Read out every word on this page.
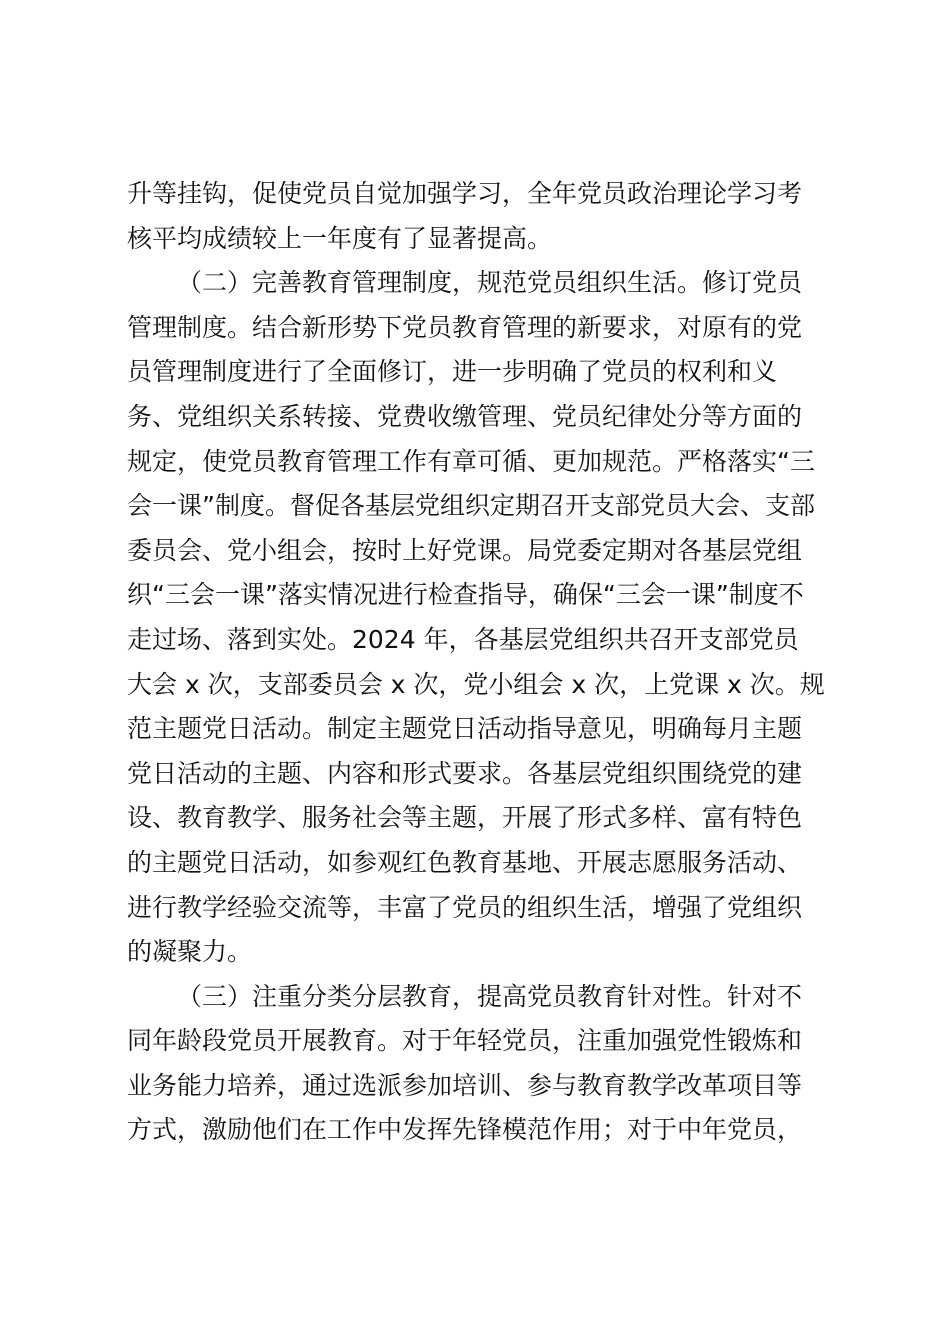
升等挂钩，促使党员自觉加强学习，全年党员政治理论学习考
核平均成绩较上一年度有了显著提高。
（二）完善教育管理制度，规范党员组织生活。修订党员
管理制度。结合新形势下党员教育管理的新要求，对原有的党
员管理制度进行了全面修订，进一步明确了党员的权利和义
务、党组织关系转接、党费收缴管理、党员纪律处分等方面的
规定，使党员教育管理工作有章可循、更加规范。严格落实“三
会一课”制度。督促各基层党组织定期召开支部党员大会、支部
委员会、党小组会，按时上好党课。局党委定期对各基层党组
织“三会一课”落实情况进行检查指导，确保“三会一课”制度不
走过场、落到实处。2024 年，各基层党组织共召开支部党员
大会 x 次，支部委员会 x 次，党小组会 x 次，上党课 x 次。规
范主题党日活动。制定主题党日活动指导意见，明确每月主题
党日活动的主题、内容和形式要求。各基层党组织围绕党的建
设、教育教学、服务社会等主题，开展了形式多样、富有特色
的主题党日活动，如参观红色教育基地、开展志愿服务活动、
进行教学经验交流等，丰富了党员的组织生活，增强了党组织
的凝聚力。
（三）注重分类分层教育，提高党员教育针对性。针对不
同年龄段党员开展教育。对于年轻党员，注重加强党性锻炼和
业务能力培养，通过选派参加培训、参与教育教学改革项目等
方式，激励他们在工作中发挥先锋模范作用；对于中年党员，
